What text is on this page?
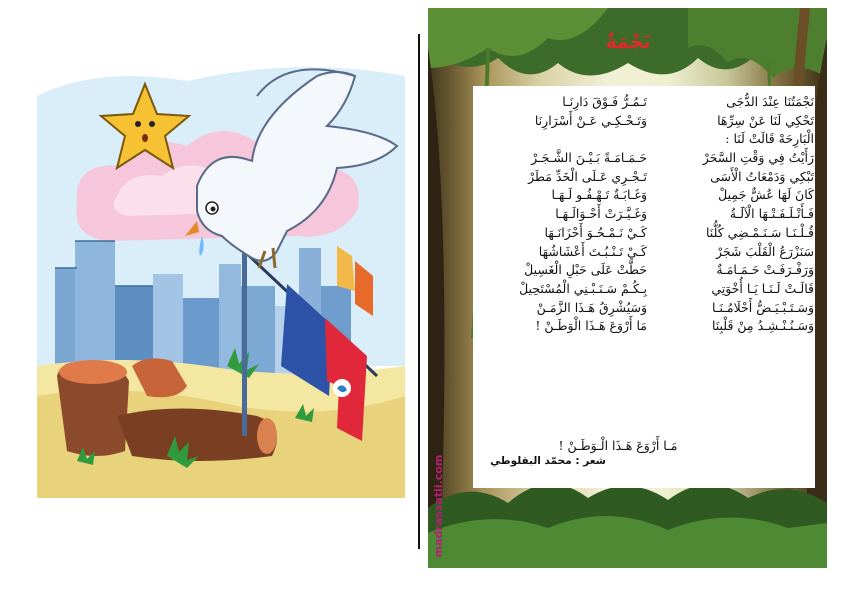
نَجْمَةٌ
نَجْمَتُنَا عِنْدَ الدُّجَى
تَحْكِي لَنَا عَنْ سِرِّهَا
الْبَارِحَهْ قَالَتْ لَنَا :
رَأَيْتُ فِي وَقْتِ السَّحَرْ
تَبْكِي وَدَمْعَاتُ الْأَسَى
كَانَ لَهَا عُشٌّ جَمِيلْ
فَـأَتْـلَـفَـتْـهَا الْآلَـةُ
قُـلْـنَـا سَـنَـمْـضِي كُلُّنَا
سَنَزْرَعُ الْقَلْبَ شَجَرْ
وَرَفْـرَفَـتْ حَـمَـامَـةٌ
قَالَـتْ لَـنَـا يَـا أُخْوَتِي
وَسَـتَـبْـيَـضُّ أَحْلَامُـنَـا
وَسَـنُـنْـشِـدُ مِنْ قَلْبِنَا
تَـمُـرُّ فَـوْقَ دَارِنَـا
وَتَـحْـكِـي عَـنْ أَسْرَارِنَا
حَـمَـامَـةً بَـيْـنَ الشَّـجَـرْ
تَـجْـرِي عَـلَى الْخَدِّ مَطَرْ
وَغَـابَـةٌ تَـهْـفُـو لَـهَـا
وَغَـيَّـرَتْ أَحْـوَالَـهَـا
كَـيْ نَـمْـحُـوَ أَحْزَانَـهَا
كَـيْ تَـنْـبُـتَ أَعْشَاشُهَا
حَطَّتْ عَلَى حَبْلِ الْغَسِيلْ
بِـكُـمْ سَـنَـبْـنِي الْمُسْتَحِيلْ
وَسَيُشْرِقُ هَـذَا الزَّمَـنْ
مَا أَرْوَعَ هَـذَا الْوَطَـنْ !
مَـا أَرْوَعَ هَـذَا الْـوَطَـنْ !
شعر : محمّد البقلوطي
madrassatii.com
